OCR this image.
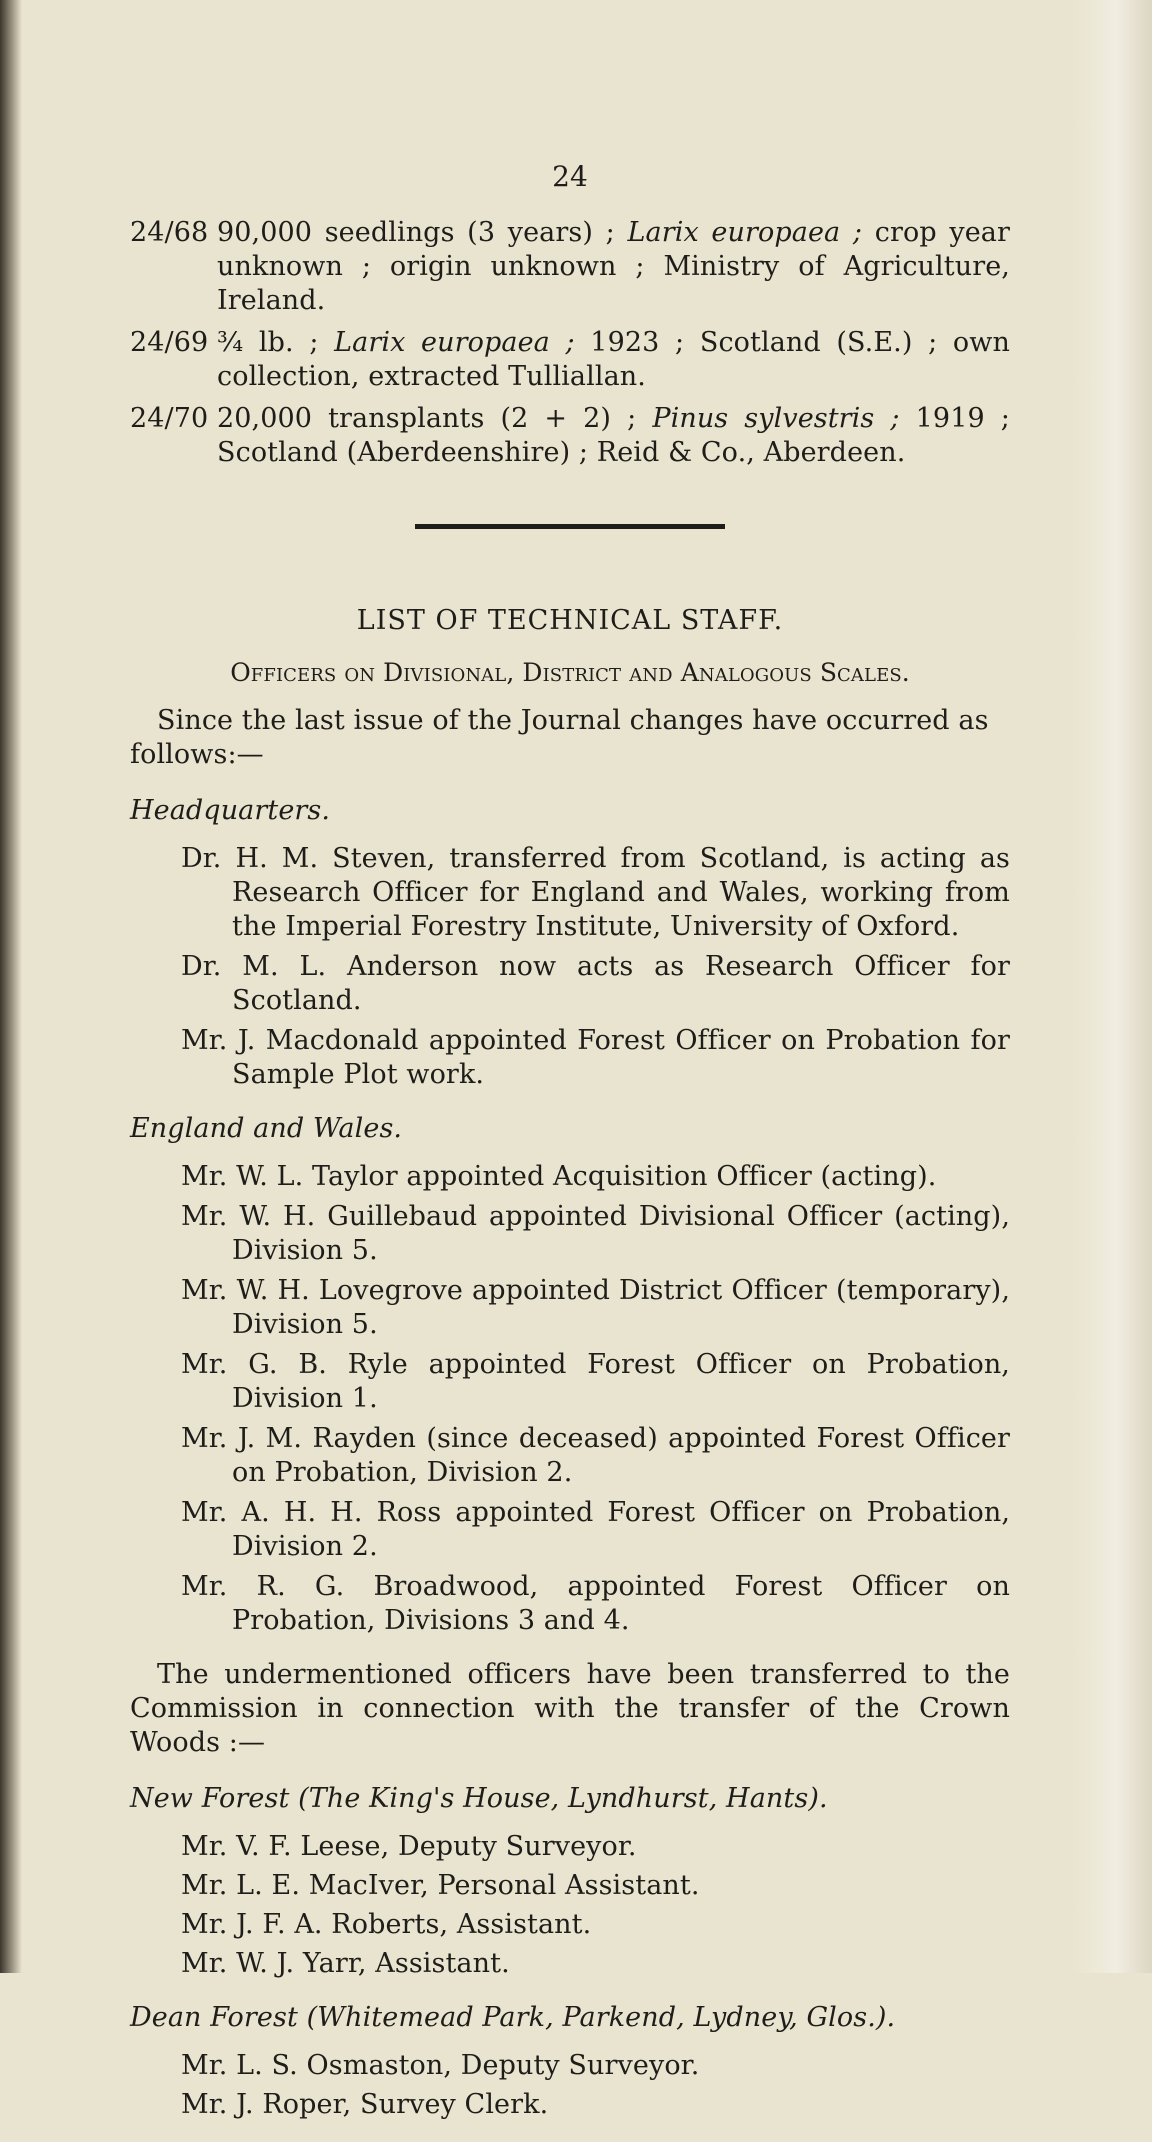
24
24/68 90,000 seedlings (3 years) ; Larix europaea ; crop year unknown ; origin unknown ; Ministry of Agriculture, Ireland.
24/69 ¾ lb. ; Larix europaea ; 1923 ; Scotland (S.E.) ; own collection, extracted Tulliallan.
24/70 20,000 transplants (2 + 2) ; Pinus sylvestris ; 1919 ; Scotland (Aberdeenshire) ; Reid & Co., Aberdeen.
LIST OF TECHNICAL STAFF.
Officers on Divisional, District and Analogous Scales.
Since the last issue of the Journal changes have occurred as follows:—
Headquarters.
Dr. H. M. Steven, transferred from Scotland, is acting as Research Officer for England and Wales, working from the Imperial Forestry Institute, University of Oxford.
Dr. M. L. Anderson now acts as Research Officer for Scotland.
Mr. J. Macdonald appointed Forest Officer on Probation for Sample Plot work.
England and Wales.
Mr. W. L. Taylor appointed Acquisition Officer (acting).
Mr. W. H. Guillebaud appointed Divisional Officer (acting), Division 5.
Mr. W. H. Lovegrove appointed District Officer (temporary), Division 5.
Mr. G. B. Ryle appointed Forest Officer on Probation, Division 1.
Mr. J. M. Rayden (since deceased) appointed Forest Officer on Probation, Division 2.
Mr. A. H. H. Ross appointed Forest Officer on Probation, Division 2.
Mr. R. G. Broadwood, appointed Forest Officer on Probation, Divisions 3 and 4.
The undermentioned officers have been transferred to the Commission in connection with the transfer of the Crown Woods :—
New Forest (The King's House, Lyndhurst, Hants).
Mr. V. F. Leese, Deputy Surveyor.
Mr. L. E. MacIver, Personal Assistant.
Mr. J. F. A. Roberts, Assistant.
Mr. W. J. Yarr, Assistant.
Dean Forest (Whitemead Park, Parkend, Lydney, Glos.).
Mr. L. S. Osmaston, Deputy Surveyor.
Mr. J. Roper, Survey Clerk.
